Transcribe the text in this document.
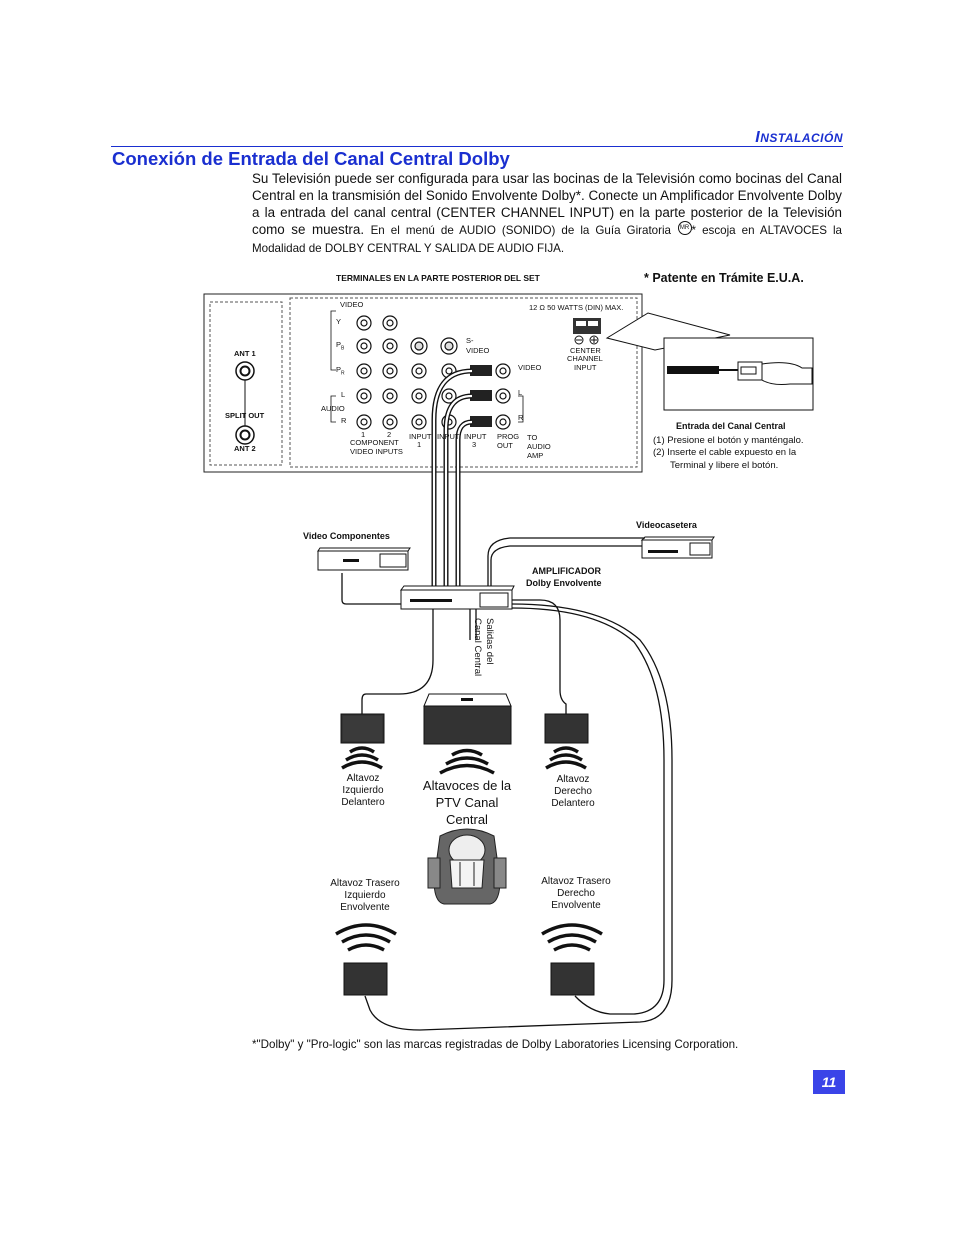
INSTALACIÓN
Conexión de Entrada del Canal Central Dolby
Su Televisión puede ser configurada para usar las bocinas de la Televisión como bocinas del Canal Central en la transmisión del Sonido Envolvente Dolby*. Conecte un Amplificador Envolvente Dolby a la entrada del canal central (CENTER CHANNEL INPUT) en la parte posterior de la Televisión como se muestra. En el menú de AUDIO (SONIDO) de la Guía Giratoria MR * escoja en ALTAVOCES la Modalidad de DOLBY CENTRAL Y SALIDA DE AUDIO FIJA.
TERMINALES EN LA PARTE POSTERIOR DEL SET	* Patente en Trámite E.U.A.
ANT 1
SPLIT OUT
ANT 2
VIDEO
Y
$P_B$
$P_R$
L
AUDIO
R
S-
VIDEO
VIDEO
L
R
1	2
COMPONENT
VIDEO INPUTS
INPUT
1
INPUT INPUT
3
PROG
OUT
TO
AUDIO
AMP
12 Ω 50 WATTS (DIN) MAX.
CENTER
CHANNEL
INPUT
Entrada del Canal Central
(1) Presione el botón y manténgalo.
(2) Inserte el cable expuesto en la
Terminal y libere el botón.
Video Componentes
Videocasetera
AMPLIFICADOR
Dolby Envolvente
Salidas del
Canal Central
Altavoz
Izquierdo
Delantero
Altavoz
Derecho
Delantero
Altavoces de la
PTV Canal
Central
Altavoz Trasero
Izquierdo
Envolvente
Altavoz Trasero
Derecho
Envolvente
*"Dolby" y "Pro-logic" son las marcas registradas de Dolby Laboratories Licensing Corporation.
11
